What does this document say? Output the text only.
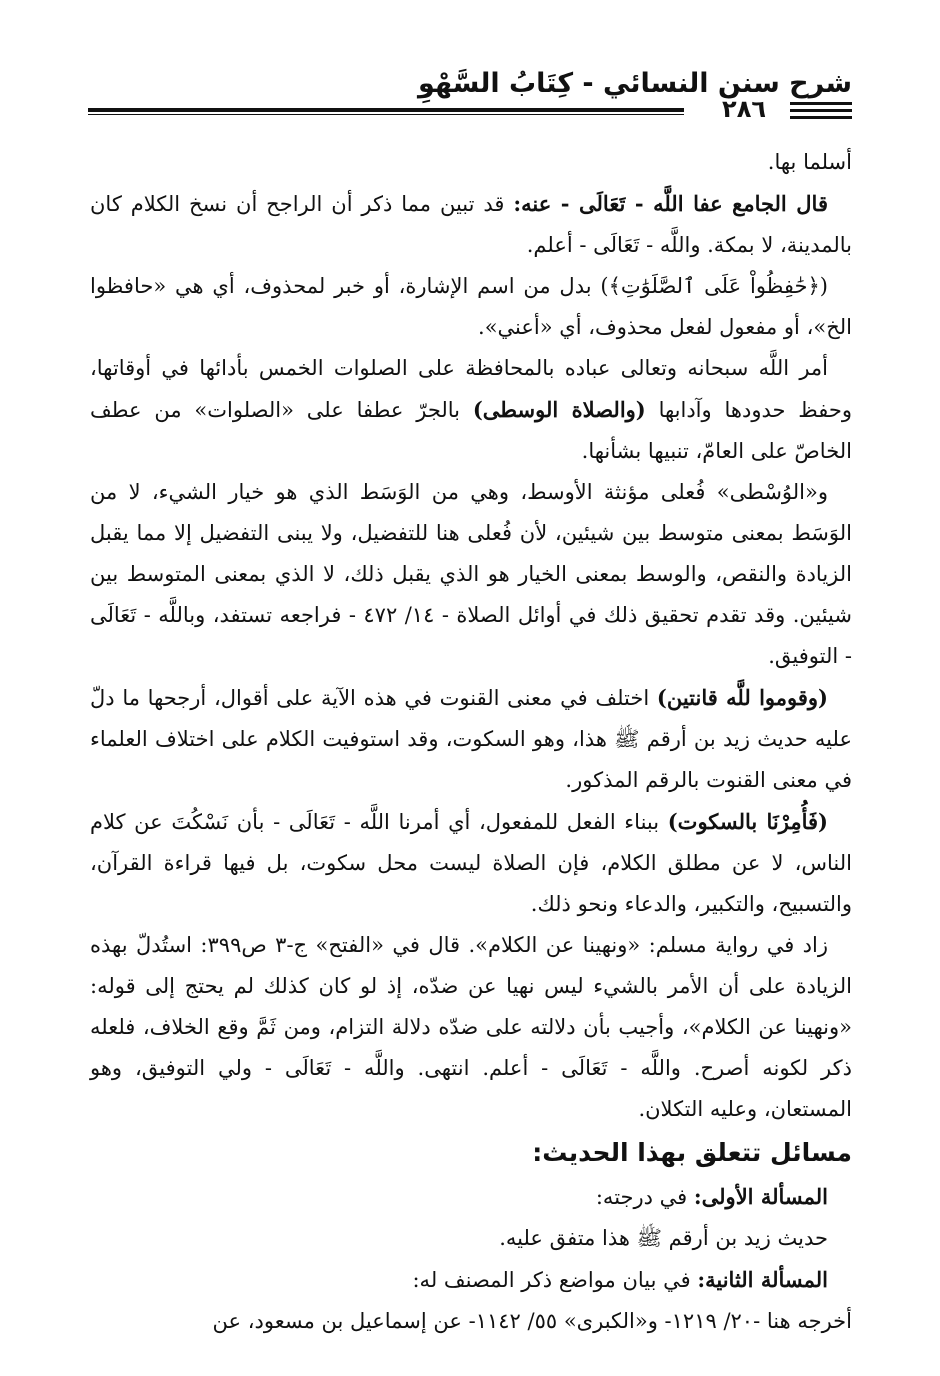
شرح سنن النسائي - كِتَابُ السَّهْوِ
٢٨٦

أسلما بها.

قال الجامع عفا اللَّه - تَعَالَى - عنه: قد تبين مما ذكر أن الراجح أن نسخ الكلام كان بالمدينة، لا بمكة. واللَّه - تَعَالَى - أعلم.

(﴿حَٰفِظُواْ عَلَى ٱلصَّلَوَٰتِ﴾) بدل من اسم الإشارة، أو خبر لمحذوف، أي هي «حافظوا الخ»، أو مفعول لفعل محذوف، أي «أعني».

أمر اللَّه سبحانه وتعالى عباده بالمحافظة على الصلوات الخمس بأدائها في أوقاتها، وحفظ حدودها وآدابها (والصلاة الوسطى) بالجرّ عطفا على «الصلوات» من عطف الخاصّ على العامّ، تنبيها بشأنها.

و«الوُسْطى» فُعلى مؤنثة الأوسط، وهي من الوَسَط الذي هو خيار الشيء، لا من الوَسَط بمعنى متوسط بين شيئين، لأن فُعلى هنا للتفضيل، ولا يبنى التفضيل إلا مما يقبل الزيادة والنقص، والوسط بمعنى الخيار هو الذي يقبل ذلك، لا الذي بمعنى المتوسط بين شيئين. وقد تقدم تحقيق ذلك في أوائل الصلاة - ١٤/ ٤٧٢ - فراجعه تستفد، وباللَّه - تَعَالَى - التوفيق.

(وقوموا للَّه قانتين) اختلف في معنى القنوت في هذه الآية على أقوال، أرجحها ما دلّ عليه حديث زيد بن أرقم ﷺ هذا، وهو السكوت، وقد استوفيت الكلام على اختلاف العلماء في معنى القنوت بالرقم المذكور.

(فَأُمِرْنَا بالسكوت) ببناء الفعل للمفعول، أي أمرنا اللَّه - تَعَالَى - بأن نَسْكُتَ عن كلام الناس، لا عن مطلق الكلام، فإن الصلاة ليست محل سكوت، بل فيها قراءة القرآن، والتسبيح، والتكبير، والدعاء ونحو ذلك.

زاد في رواية مسلم: «ونهينا عن الكلام». قال في «الفتح» ج-٣ ص٣٩٩: استُدلّ بهذه الزيادة على أن الأمر بالشيء ليس نهيا عن ضدّه، إذ لو كان كذلك لم يحتج إلى قوله: «ونهينا عن الكلام»، وأجيب بأن دلالته على ضدّه دلالة التزام، ومن ثَمَّ وقع الخلاف، فلعله ذكر لكونه أصرح. واللَّه - تَعَالَى - أعلم. انتهى. واللَّه - تَعَالَى - ولي التوفيق، وهو المستعان، وعليه التكلان.

مسائل تتعلق بهذا الحديث:

المسألة الأولى: في درجته:

حديث زيد بن أرقم ﷺ هذا متفق عليه.

المسألة الثانية: في بيان مواضع ذكر المصنف له:

أخرجه هنا -٢٠/ ١٢١٩- و«الكبرى» ٥٥/ ١١٤٢- عن إسماعيل بن مسعود، عن
